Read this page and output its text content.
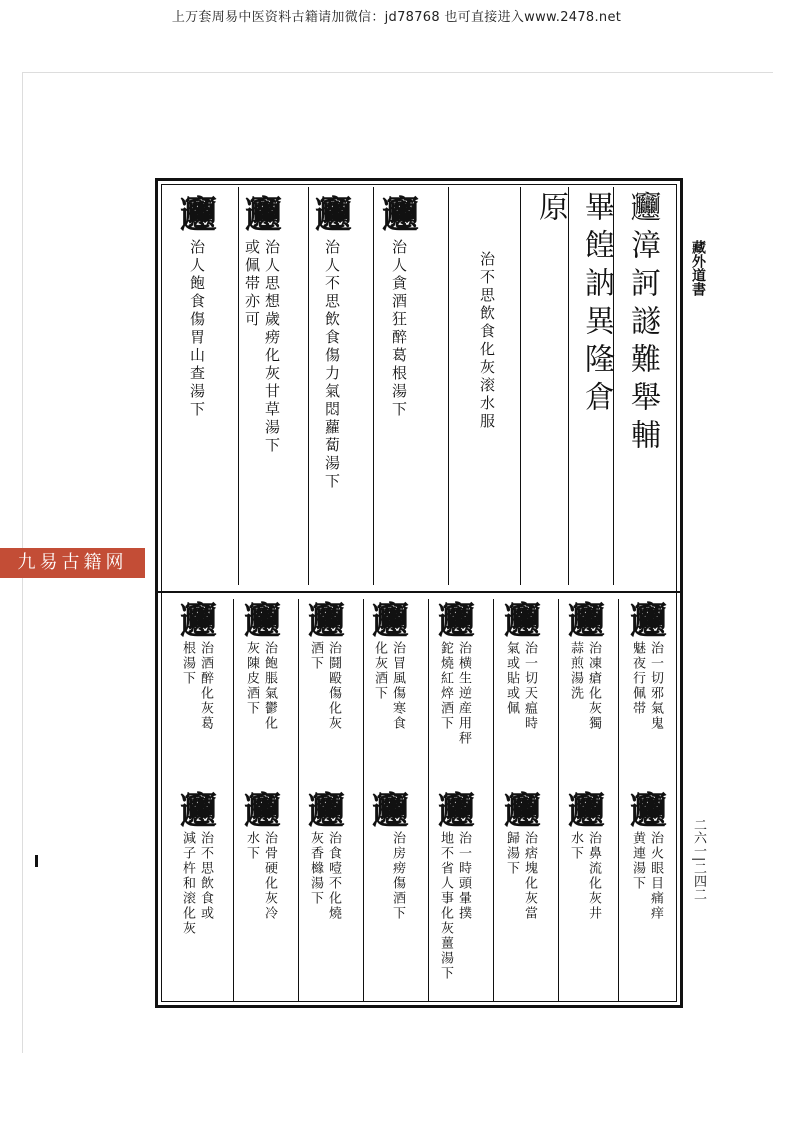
上万套周易中医资料古籍请加微信：jd78768 也可直接进入www.2478.net
藏外道書
二六一|二四二
九易古籍网
𰻞漳訶譢難舉輔
畢餭訥異隆倉
原
治不思飲食化灰滚水服
𰻞
治人貪酒狂醉葛根湯下
𰻞
治人不思飲食傷力氣悶蘿蔔湯下
𰻞
治人思想歲痨化灰甘草湯下
或佩帯亦可
𰻞
治人飽食傷胃山查湯下
𰻞
治一切邪氣鬼
魅夜行佩帯
𰻞
治凍瘡化灰獨
蒜煎湯洗
𰻞
治一切天瘟時
氣或貼或佩
𰻞
治横生逆産用秤
鉈燒紅焠酒下
𰻞
治冒風傷寒食
化灰酒下
𰻞
治鬪毆傷化灰
酒下
𰻞
治飽脹氣鬱化
灰陳皮酒下
𰻞
治酒醉化灰葛
根湯下
𰻞
治火眼目痛痒
黄連湯下
𰻞
治鼻流化灰井
水下
𰻞
治痞塊化灰當
歸湯下
𰻞
治一時頭暈撲
地不省人事化灰薑湯下
𰻞
治房痨傷酒下
𰻞
治食噎不化燒
灰香櫞湯下
𰻞
治骨硬化灰冷
水下
𰻞
治不思飲食或
減子杵和滚化灰
